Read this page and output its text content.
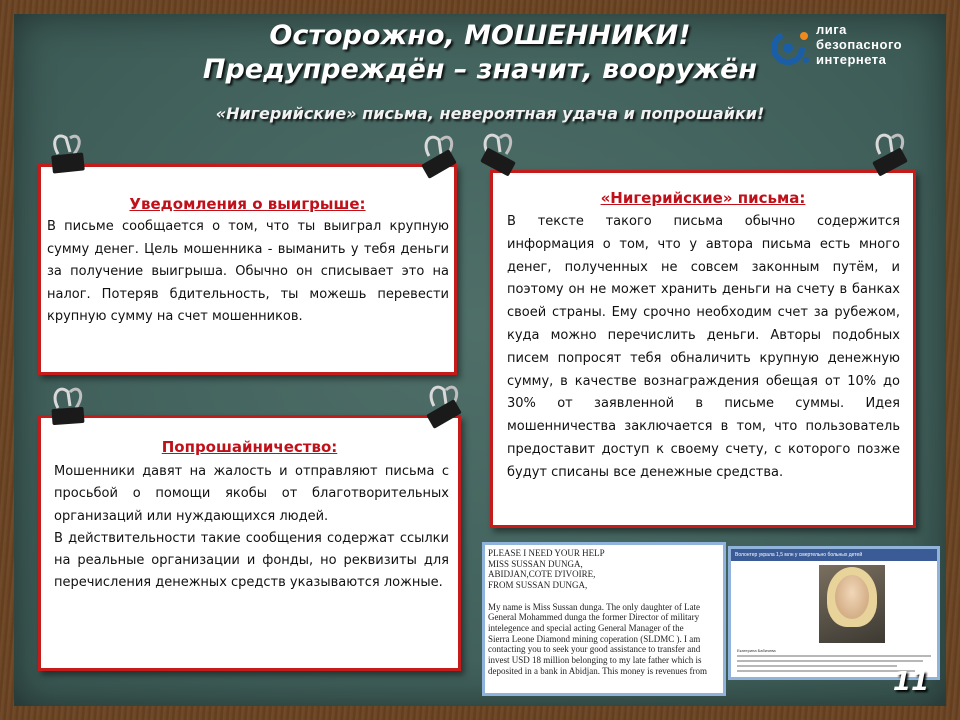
Осторожно, МОШЕННИКИ!
Предупреждён – значит, вооружён
«Нигерийские» письма, невероятная удача и попрошайки!
лига
безопасного
интернета
Уведомления о выигрыше:

В письме сообщается о том, что ты выиграл крупную сумму денег. Цель мошенника - выманить у тебя деньги за получение выигрыша. Обычно он списывает это на налог. Потеряв бдительность, ты можешь перевести крупную сумму на счет мошенников.

Попрошайничество:

Мошенники давят на жалость и отправляют письма с просьбой о помощи якобы от благотворительных организаций или нуждающихся людей.

В действительности такие сообщения содержат ссылки на реальные организации и фонды, но реквизиты для перечисления денежных средств указываются ложные.

«Нигерийские» письма:

В тексте такого письма обычно содержится информация о том, что у автора письма есть много денег, полученных не совсем законным путём, и поэтому он не может хранить деньги на счету в банках своей страны. Ему срочно необходим счет за рубежом, куда можно перечислить деньги. Авторы подобных писем попросят тебя обналичить крупную денежную сумму, в качестве вознаграждения обещая от 10% до 30% от заявленной в письме суммы. Идея мошенничества заключается в том, что пользователь предоставит доступ к своему счету, с которого позже будут списаны все денежные средства.

PLEASE I NEED YOUR HELP
MISS SUSSAN DUNGA,
ABIDJAN,COTE D'IVOIRE,
FROM SUSSAN DUNGA,

My name is Miss Sussan dunga. The only daughter of Late
General Mohammed dunga the former Director of military
intelegence and special acting General Manager of the
Sierra Leone Diamond mining coperation (SLDMC ). I am
contacting you to seek your good assistance to transfer and
invest USD 18 million belonging to my late father which is
deposited in a bank in Abidjan. This money is revenues from
Волонтер украла 1,5 млн у смертельно больных детей
Екатерина Бабичева
11
